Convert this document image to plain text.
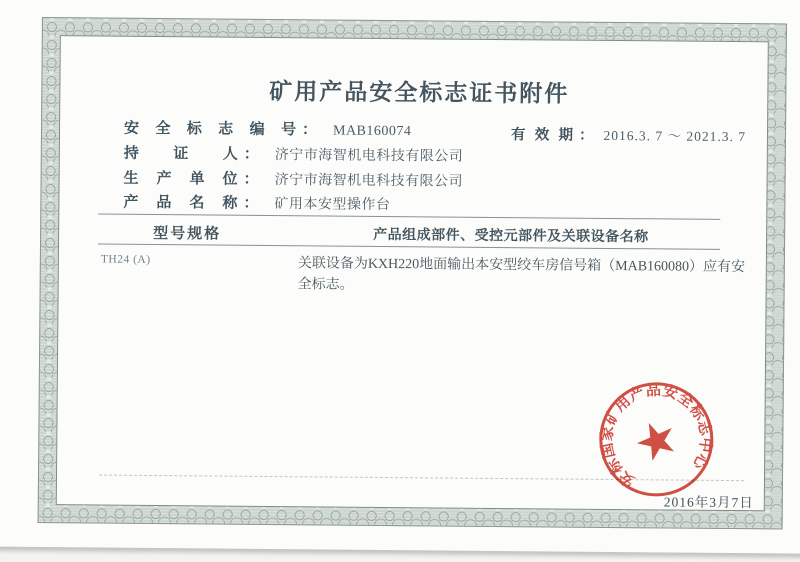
矿用产品安全标志证书附件
安全标志编号 ： MAB160074
持证人 ： 济宁市海智机电科技有限公司
生产单位 ： 济宁市海智机电科技有限公司
产品名称 ： 矿用本安型操作台
有效期 ： 2016.3. 7 ～ 2021.3. 7
型号规格	产品组成部件、受控元部件及关联设备名称
TH24 (A)	关联设备为KXH220地面输出本安型绞车房信号箱（MAB160080）应有安全标志。
安标国家矿用产品安全标志中心
2016年3月7日
